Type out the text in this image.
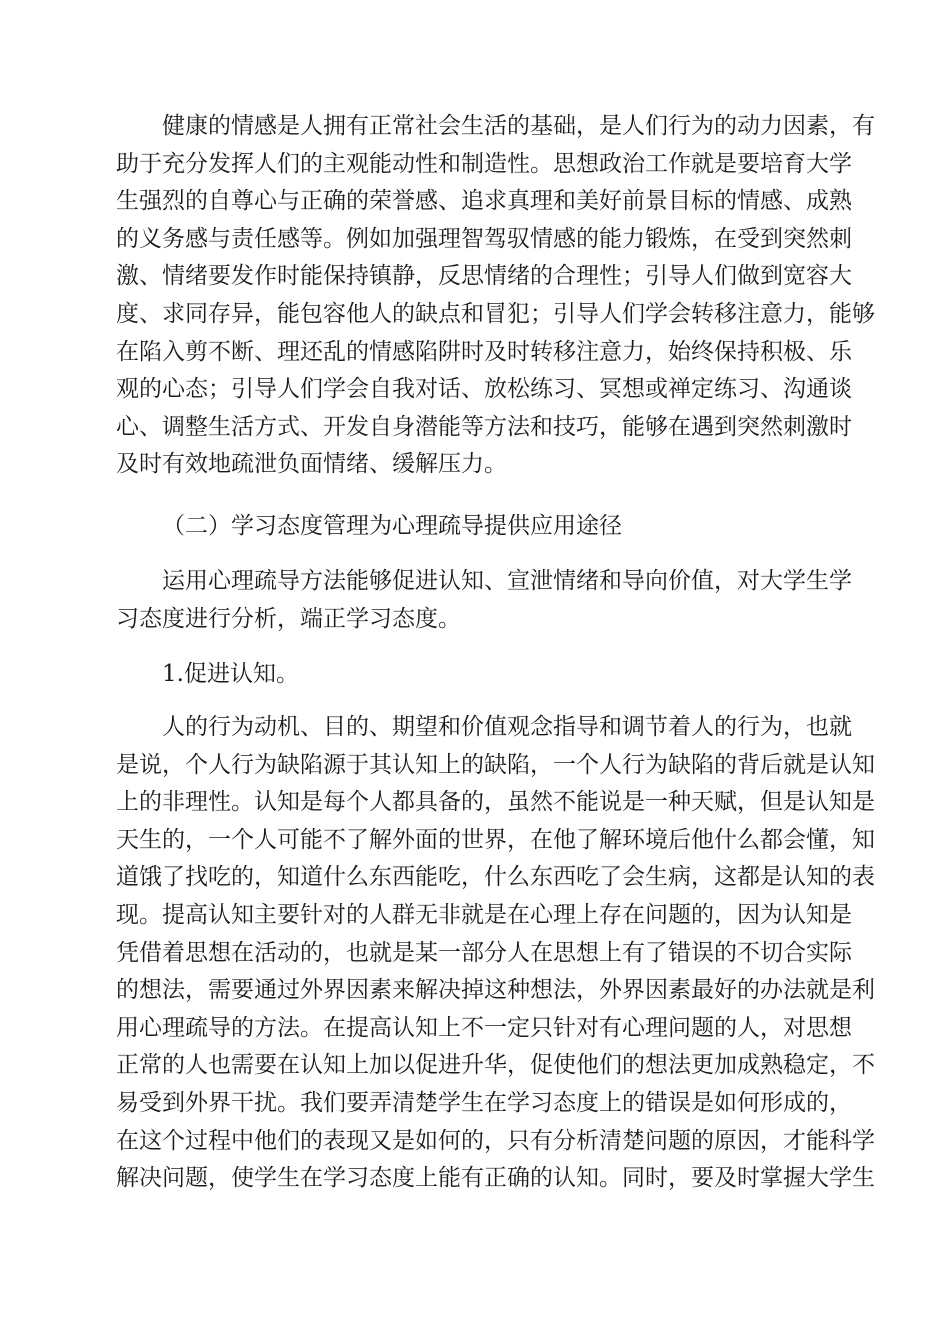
健康的情感是人拥有正常社会生活的基础，是人们行为的动力因素，有
助于充分发挥人们的主观能动性和制造性。思想政治工作就是要培育大学
生强烈的自尊心与正确的荣誉感、追求真理和美好前景目标的情感、成熟
的义务感与责任感等。例如加强理智驾驭情感的能力锻炼，在受到突然刺
激、情绪要发作时能保持镇静，反思情绪的合理性；引导人们做到宽容大
度、求同存异，能包容他人的缺点和冒犯；引导人们学会转移注意力，能够
在陷入剪不断、理还乱的情感陷阱时及时转移注意力，始终保持积极、乐
观的心态；引导人们学会自我对话、放松练习、冥想或禅定练习、沟通谈
心、调整生活方式、开发自身潜能等方法和技巧，能够在遇到突然刺激时
及时有效地疏泄负面情绪、缓解压力。
（二）学习态度管理为心理疏导提供应用途径
运用心理疏导方法能够促进认知、宣泄情绪和导向价值，对大学生学
习态度进行分析，端正学习态度。
1.促进认知。
人的行为动机、目的、期望和价值观念指导和调节着人的行为，也就
是说，个人行为缺陷源于其认知上的缺陷，一个人行为缺陷的背后就是认知
上的非理性。认知是每个人都具备的，虽然不能说是一种天赋，但是认知是
天生的，一个人可能不了解外面的世界，在他了解环境后他什么都会懂，知
道饿了找吃的，知道什么东西能吃，什么东西吃了会生病，这都是认知的表
现。提高认知主要针对的人群无非就是在心理上存在问题的，因为认知是
凭借着思想在活动的，也就是某一部分人在思想上有了错误的不切合实际
的想法，需要通过外界因素来解决掉这种想法，外界因素最好的办法就是利
用心理疏导的方法。在提高认知上不一定只针对有心理问题的人，对思想
正常的人也需要在认知上加以促进升华，促使他们的想法更加成熟稳定，不
易受到外界干扰。我们要弄清楚学生在学习态度上的错误是如何形成的，
在这个过程中他们的表现又是如何的，只有分析清楚问题的原因，才能科学
解决问题，使学生在学习态度上能有正确的认知。同时，要及时掌握大学生
